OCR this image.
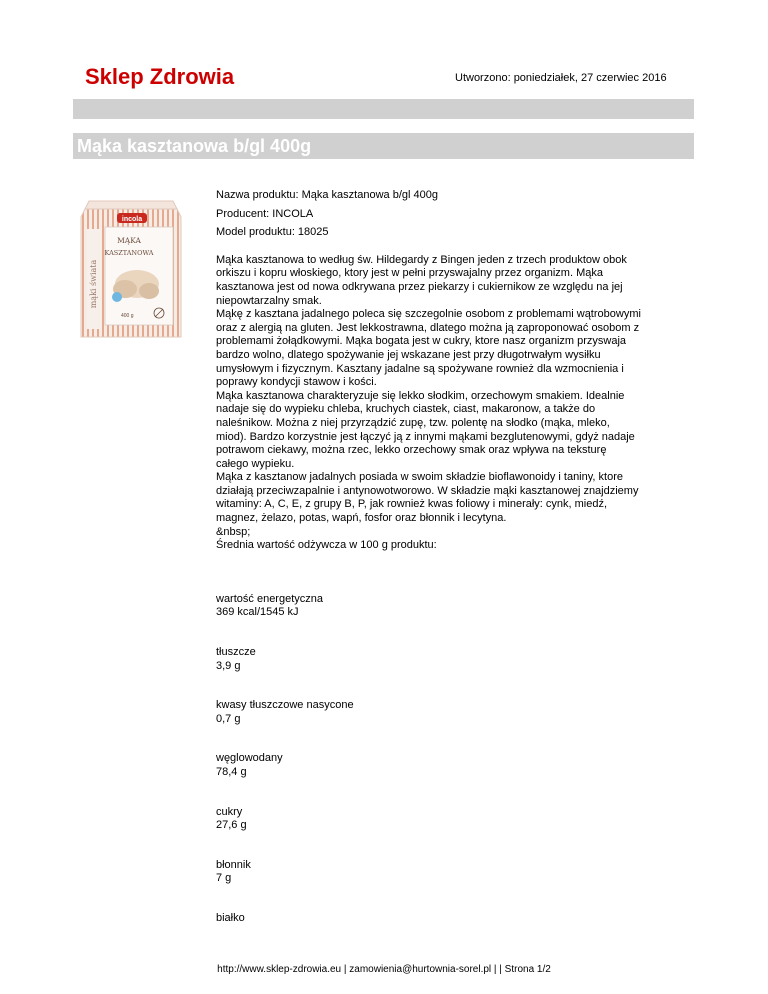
Sklep Zdrowia	Utworzono: poniedziałek, 27 czerwiec 2016
Mąka kasztanowa b/gl 400g
mąki świata
incola
MĄKA
KASZTANOWA
400 g
Nazwa produktu: Mąka kasztanowa b/gl 400g
Producent: INCOLA
Model produktu: 18025
Mąka kasztanowa to według św. Hildegardy z Bingen jeden z trzech produktow obok
orkiszu i kopru włoskiego, ktory jest w pełni przyswajalny przez organizm. Mąka
kasztanowa jest od nowa odkrywana przez piekarzy i cukiernikow ze względu na jej
niepowtarzalny smak.
Mąkę z kasztana jadalnego poleca się szczegolnie osobom z problemami wątrobowymi
oraz z alergią na gluten. Jest lekkostrawna, dlatego można ją zaproponować osobom z
problemami żołądkowymi. Mąka bogata jest w cukry, ktore nasz organizm przyswaja
bardzo wolno, dlatego spożywanie jej wskazane jest przy długotrwałym wysiłku
umysłowym i fizycznym. Kasztany jadalne są spożywane rownież dla wzmocnienia i
poprawy kondycji stawow i kości.
Mąka kasztanowa charakteryzuje się lekko słodkim, orzechowym smakiem. Idealnie
nadaje się do wypieku chleba, kruchych ciastek, ciast, makaronow, a także do
naleśnikow. Można z niej przyrządzić zupę, tzw. polentę na słodko (mąka, mleko,
miod). Bardzo korzystnie jest łączyć ją z innymi mąkami bezglutenowymi, gdyż nadaje
potrawom ciekawy, można rzec, lekko orzechowy smak oraz wpływa na teksturę
całego wypieku.
Mąka z kasztanow jadalnych posiada w swoim składzie bioflawonoidy i taniny, ktore
działają przeciwzapalnie i antynowotworowo. W składzie mąki kasztanowej znajdziemy
witaminy: A, C, E, z grupy B, P, jak rownież kwas foliowy i minerały: cynk, miedź,
magnez, żelazo, potas, wapń, fosfor oraz błonnik i lecytyna.
&nbsp;
Średnia wartość odżywcza w 100 g produktu:
wartość energetyczna
369 kcal/1545 kJ
tłuszcze
3,9 g
kwasy tłuszczowe nasycone
0,7 g
węglowodany
78,4 g
cukry
27,6 g
błonnik
7 g
białko
http://www.sklep-zdrowia.eu | zamowienia@hurtownia-sorel.pl | | Strona 1/2
